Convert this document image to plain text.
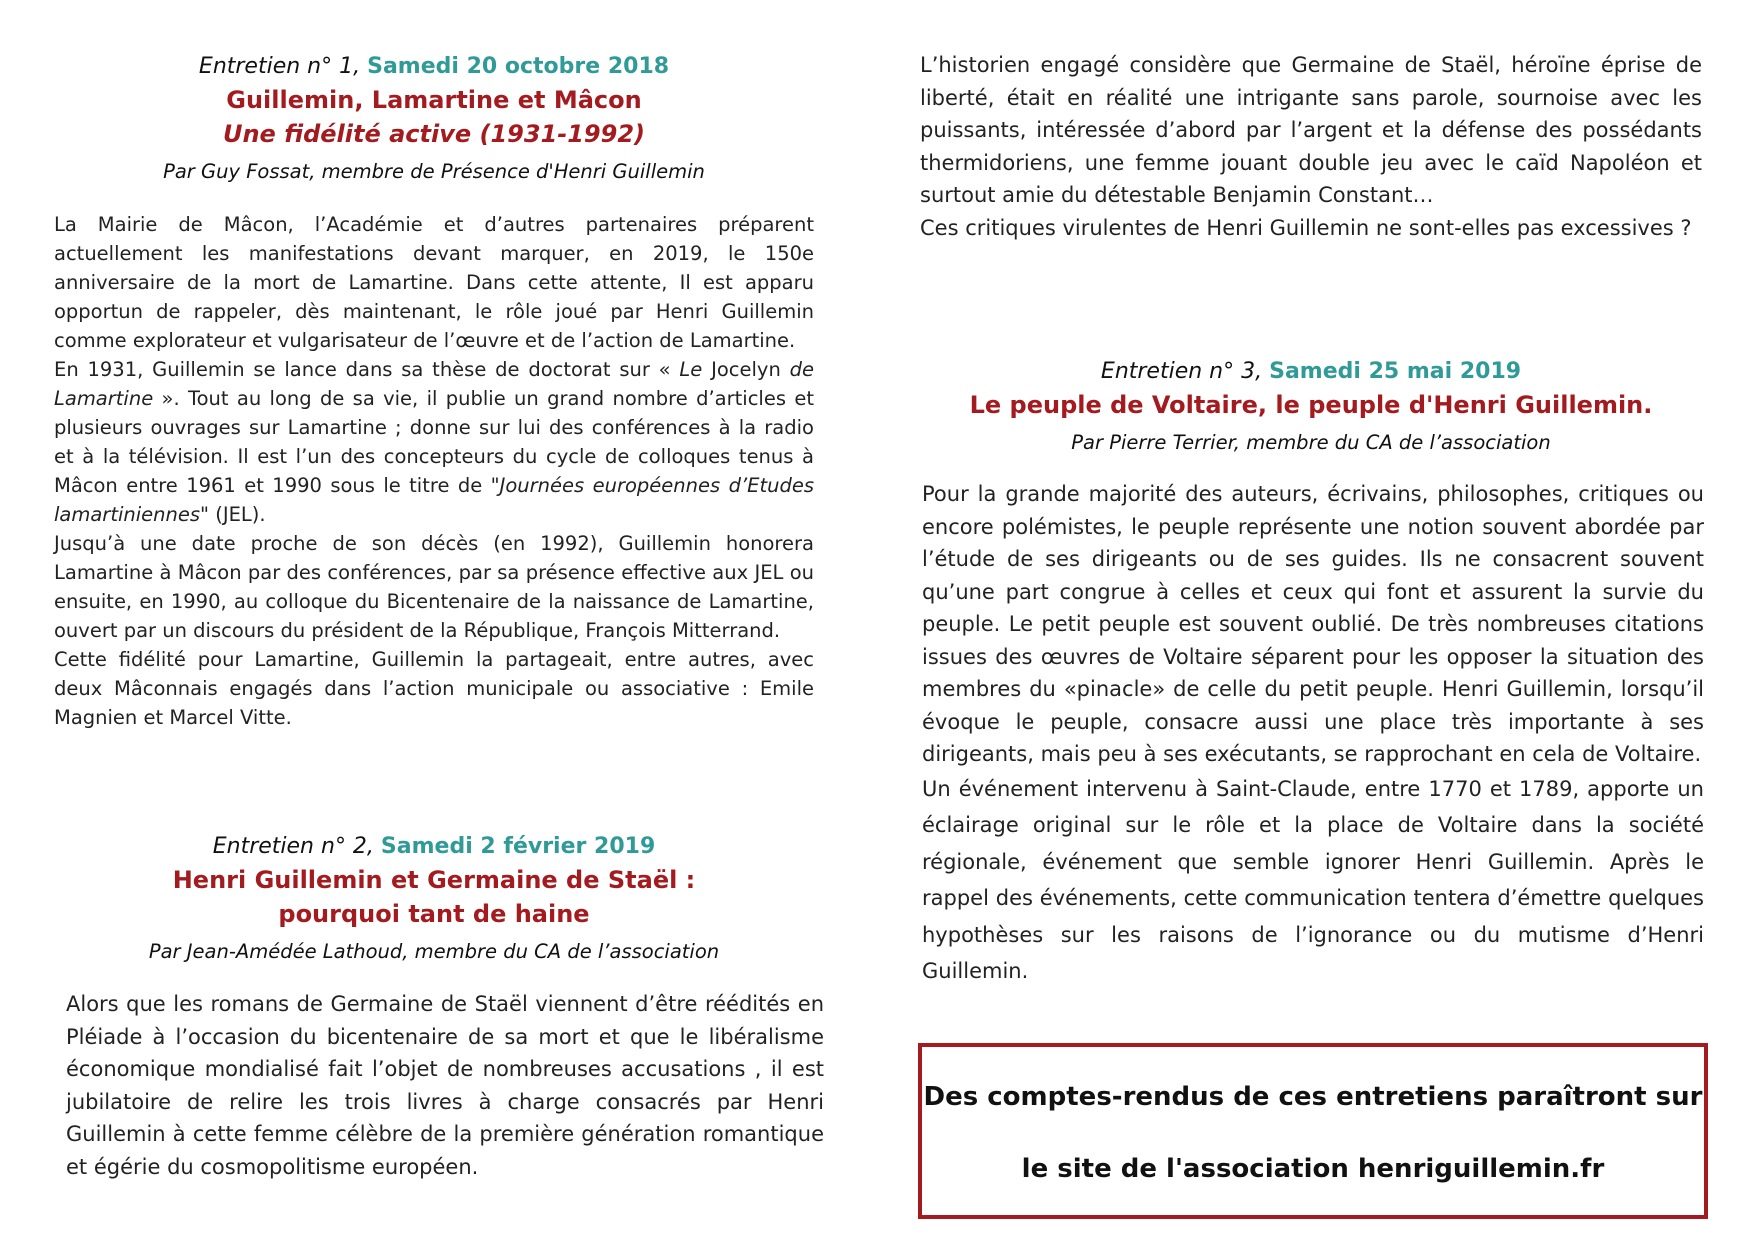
Entretien n° 1, Samedi 20 octobre 2018
Guillemin, Lamartine et Mâcon
Une fidélité active (1931-1992)
Par Guy Fossat, membre de Présence d'Henri Guillemin

La Mairie de Mâcon, l’Académie et d’autres partenaires préparent actuellement les manifestations devant marquer, en 2019, le 150e anniversaire de la mort de Lamartine. Dans cette attente, Il est apparu opportun de rappeler, dès maintenant, le rôle joué par Henri Guillemin comme explorateur et vulgarisateur de l’œuvre et de l’action de Lamartine.

En 1931, Guillemin se lance dans sa thèse de doctorat sur « Le Jocelyn de Lamartine ». Tout au long de sa vie, il publie un grand nombre d’articles et plusieurs ouvrages sur Lamartine ; donne sur lui des conférences à la radio et à la télévision. Il est l’un des concepteurs du cycle de colloques tenus à Mâcon entre 1961 et 1990 sous le titre de "Journées européennes d’Etudes lamartiniennes" (JEL).

Jusqu’à une date proche de son décès (en 1992), Guillemin honorera Lamartine à Mâcon par des conférences, par sa présence effective aux JEL ou ensuite, en 1990, au colloque du Bicentenaire de la naissance de Lamartine, ouvert par un discours du président de la République, François Mitterrand.

Cette fidélité pour Lamartine, Guillemin la partageait, entre autres, avec deux Mâconnais engagés dans l’action municipale ou associative : Emile Magnien et Marcel Vitte.

Entretien n° 2, Samedi 2 février 2019
Henri Guillemin et Germaine de Staël :
pourquoi tant de haine
Par Jean-Amédée Lathoud, membre du CA de l’association

Alors que les romans de Germaine de Staël viennent d’être réédités en Pléiade à l’occasion du bicentenaire de sa mort et que le libéralisme économique mondialisé fait l’objet de nombreuses accusations , il est jubilatoire de relire les trois livres à charge consacrés par Henri Guillemin à cette femme célèbre de la première génération romantique et égérie du cosmopolitisme européen.

L’historien engagé considère que Germaine de Staël, héroïne éprise de liberté, était en réalité une intrigante sans parole, sournoise avec les puissants, intéressée d’abord par l’argent et la défense des possédants thermidoriens, une femme jouant double jeu avec le caïd Napoléon et surtout amie du détestable Benjamin Constant…

Ces critiques virulentes de Henri Guillemin ne sont-elles pas excessives ?

Entretien n° 3, Samedi 25 mai 2019
Le peuple de Voltaire, le peuple d'Henri Guillemin.
Par Pierre Terrier, membre du CA de l’association

Pour la grande majorité des auteurs, écrivains, philosophes, critiques ou encore polémistes, le peuple représente une notion souvent abordée par l’étude de ses dirigeants ou de ses guides. Ils ne consacrent souvent qu’une part congrue à celles et ceux qui font et assurent la survie du peuple. Le petit peuple est souvent oublié. De très nombreuses citations issues des œuvres de Voltaire séparent pour les opposer la situation des membres du «pinacle» de celle du petit peuple. Henri Guillemin, lorsqu’il évoque le peuple, consacre aussi une place très importante à ses dirigeants, mais peu à ses exécutants, se rapprochant en cela de Voltaire.

Un événement intervenu à Saint-Claude, entre 1770 et 1789, apporte un éclairage original sur le rôle et la place de Voltaire dans la société régionale, événement que semble ignorer Henri Guillemin. Après le rappel des événements, cette communication tentera d’émettre quelques hypothèses sur les raisons de l’ignorance ou du mutisme d’Henri Guillemin.

Des comptes-rendus de ces entretiens paraîtront sur
le site de l'association henriguillemin.fr
